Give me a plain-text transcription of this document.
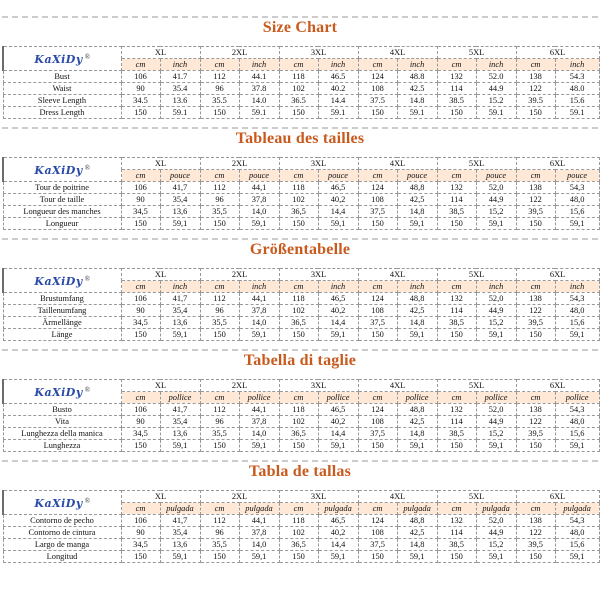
Size Chart
KaXiDy ®	XL		2XL		3XL		4XL		5XL		6XL		
	cm	inch	cm	inch	cm	inch	cm	inch	cm	inch	cm	inch	
Bust	106	41.7	112	44.1	118	46.5	124	48.8	132	52.0	138	54.3	
Waist	90	35.4	96	37.8	102	40.2	108	42.5	114	44.9	122	48.0	
Sleeve Length	34.5	13.6	35.5	14.0	36.5	14.4	37.5	14.8	38.5	15.2	39.5	15.6	
Dress Length	150	59.1	150	59.1	150	59.1	150	59.1	150	59.1	150	59.1	
Tableau des tailles
KaXiDy ®	XL		2XL		3XL		4XL		5XL		6XL		
	cm	pouce	cm	pouce	cm	pouce	cm	pouce	cm	pouce	cm	pouce	
Tour de poitrine	106	41,7	112	44,1	118	46,5	124	48,8	132	52,0	138	54,3	
Tour de taille	90	35,4	96	37,8	102	40,2	108	42,5	114	44,9	122	48,0	
Longueur des manches	34,5	13,6	35,5	14,0	36,5	14,4	37,5	14,8	38,5	15,2	39,5	15,6	
Longueur	150	59,1	150	59,1	150	59,1	150	59,1	150	59,1	150	59,1	
Größentabelle
KaXiDy ®	XL		2XL		3XL		4XL		5XL		6XL		
	cm	inch	cm	inch	cm	inch	cm	inch	cm	inch	cm	inch	
Brustumfang	106	41,7	112	44,1	118	46,5	124	48,8	132	52,0	138	54,3	
Taillenumfang	90	35,4	96	37,8	102	40,2	108	42,5	114	44,9	122	48,0	
Ärmellänge	34,5	13,6	35,5	14,0	36,5	14,4	37,5	14,8	38,5	15,2	39,5	15,6	
Länge	150	59,1	150	59,1	150	59,1	150	59,1	150	59,1	150	59,1	
Tabella di taglie
KaXiDy ®	XL		2XL		3XL		4XL		5XL		6XL		
	cm	pollice	cm	pollice	cm	pollice	cm	pollice	cm	pollice	cm	pollice	
Busto	106	41,7	112	44,1	118	46,5	124	48,8	132	52,0	138	54,3	
Vita	90	35,4	96	37,8	102	40,2	108	42,5	114	44,9	122	48,0	
Lunghezza della manica	34,5	13,6	35,5	14,0	36,5	14,4	37,5	14,8	38,5	15,2	39,5	15,6	
Lunghezza	150	59,1	150	59,1	150	59,1	150	59,1	150	59,1	150	59,1	
Tabla de tallas
KaXiDy ®	XL		2XL		3XL		4XL		5XL		6XL		
	cm	pulgada	cm	pulgada	cm	pulgada	cm	pulgada	cm	pulgada	cm	pulgada	
Contorno de pecho	106	41,7	112	44,1	118	46,5	124	48,8	132	52,0	138	54,3	
Contorno de cintura	90	35,4	96	37,8	102	40,2	108	42,5	114	44,9	122	48,0	
Largo de manga	34,5	13,6	35,5	14,0	36,5	14,4	37,5	14,8	38,5	15,2	39,5	15,6	
Longitud	150	59,1	150	59,1	150	59,1	150	59,1	150	59,1	150	59,1	
